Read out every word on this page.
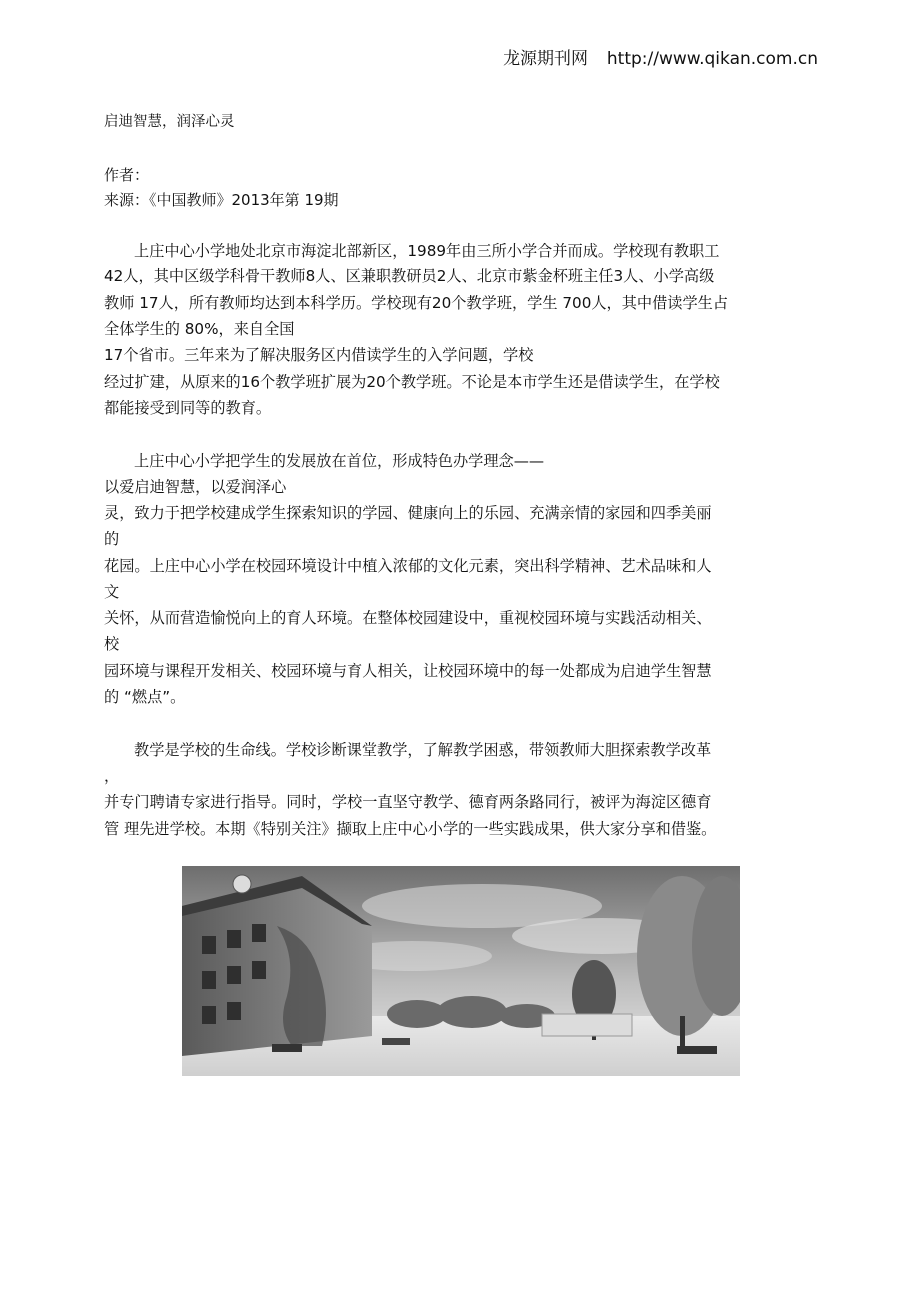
龙源期刊网 http://www.qikan.com.cn
启迪智慧，润泽心灵
作者：
来源：《中国教师》2013年第 19期
上庄中心小学地处北京市海淀北部新区，1989年由三所小学合并而成。学校现有教职工
42人，其中区级学科骨干教师8人、区兼职教研员2人、北京市紫金杯班主任3人、小学高级
教师 17人，所有教师均达到本科学历。学校现有20个教学班，学生 700人，其中借读学生占
全体学生的 80%，来自全国
17个省市。三年来为了解决服务区内借读学生的入学问题，学校
经过扩建，从原来的16个教学班扩展为20个教学班。不论是本市学生还是借读学生，在学校
都能接受到同等的教育。
上庄中心小学把学生的发展放在首位，形成特色办学理念——
以爱启迪智慧，以爱润泽心
灵，致力于把学校建成学生探索知识的学园、健康向上的乐园、充满亲情的家园和四季美丽
的
花园。上庄中心小学在校园环境设计中植入浓郁的文化元素，突出科学精神、艺术品味和人
文
关怀，从而营造愉悦向上的育人环境。在整体校园建设中，重视校园环境与实践活动相关、
校
园环境与课程开发相关、校园环境与育人相关，让校园环境中的每一处都成为启迪学生智慧
的 “燃点”。
教学是学校的生命线。学校诊断课堂教学，了解教学困惑，带领教师大胆探索教学改革
，
并专门聘请专家进行指导。同时，学校一直坚守教学、德育两条路同行，被评为海淀区德育
管 理先进学校。本期《特别关注》撷取上庄中心小学的一些实践成果，供大家分享和借鉴。
